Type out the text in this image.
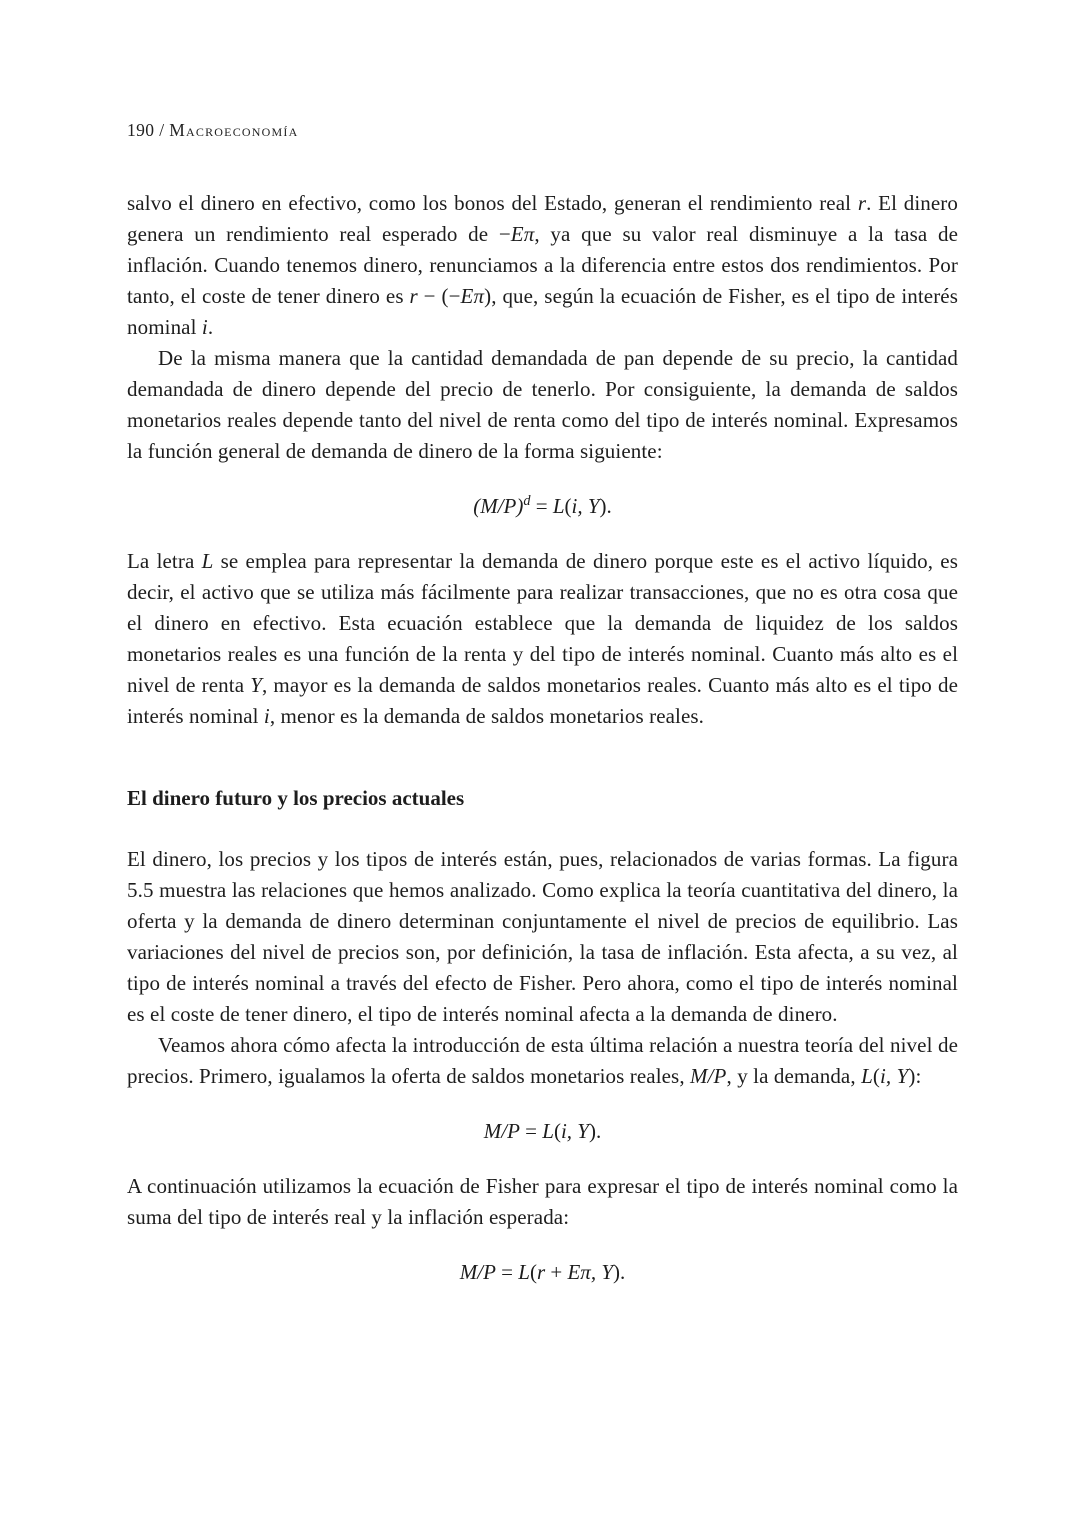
190 / Macroeconomía

salvo el dinero en efectivo, como los bonos del Estado, generan el rendimiento real r. El dinero genera un rendimiento real esperado de −Eπ, ya que su valor real disminuye a la tasa de inflación. Cuando tenemos dinero, renunciamos a la diferencia entre estos dos rendimientos. Por tanto, el coste de tener dinero es r − (−Eπ), que, según la ecuación de Fisher, es el tipo de interés nominal i.

De la misma manera que la cantidad demandada de pan depende de su precio, la cantidad demandada de dinero depende del precio de tenerlo. Por consiguiente, la demanda de saldos monetarios reales depende tanto del nivel de renta como del tipo de interés nominal. Expresamos la función general de demanda de dinero de la forma siguiente:

$(M/P)^d = L(i$, Y).

La letra L se emplea para representar la demanda de dinero porque este es el activo líquido, es decir, el activo que se utiliza más fácilmente para realizar transacciones, que no es otra cosa que el dinero en efectivo. Esta ecuación establece que la demanda de liquidez de los saldos monetarios reales es una función de la renta y del tipo de interés nominal. Cuanto más alto es el nivel de renta Y, mayor es la demanda de saldos monetarios reales. Cuanto más alto es el tipo de interés nominal i, menor es la demanda de saldos monetarios reales.

El dinero futuro y los precios actuales

El dinero, los precios y los tipos de interés están, pues, relacionados de varias formas. La figura 5.5 muestra las relaciones que hemos analizado. Como explica la teoría cuantitativa del dinero, la oferta y la demanda de dinero determinan conjuntamente el nivel de precios de equilibrio. Las variaciones del nivel de precios son, por definición, la tasa de inflación. Esta afecta, a su vez, al tipo de interés nominal a través del efecto de Fisher. Pero ahora, como el tipo de interés nominal es el coste de tener dinero, el tipo de interés nominal afecta a la demanda de dinero.

Veamos ahora cómo afecta la introducción de esta última relación a nuestra teoría del nivel de precios. Primero, igualamos la oferta de saldos monetarios reales, M/P, y la demanda, L(i, Y):

M/P = L(i, Y).

A continuación utilizamos la ecuación de Fisher para expresar el tipo de interés nominal como la suma del tipo de interés real y la inflación esperada:

M/P = L(r + Eπ, Y).
